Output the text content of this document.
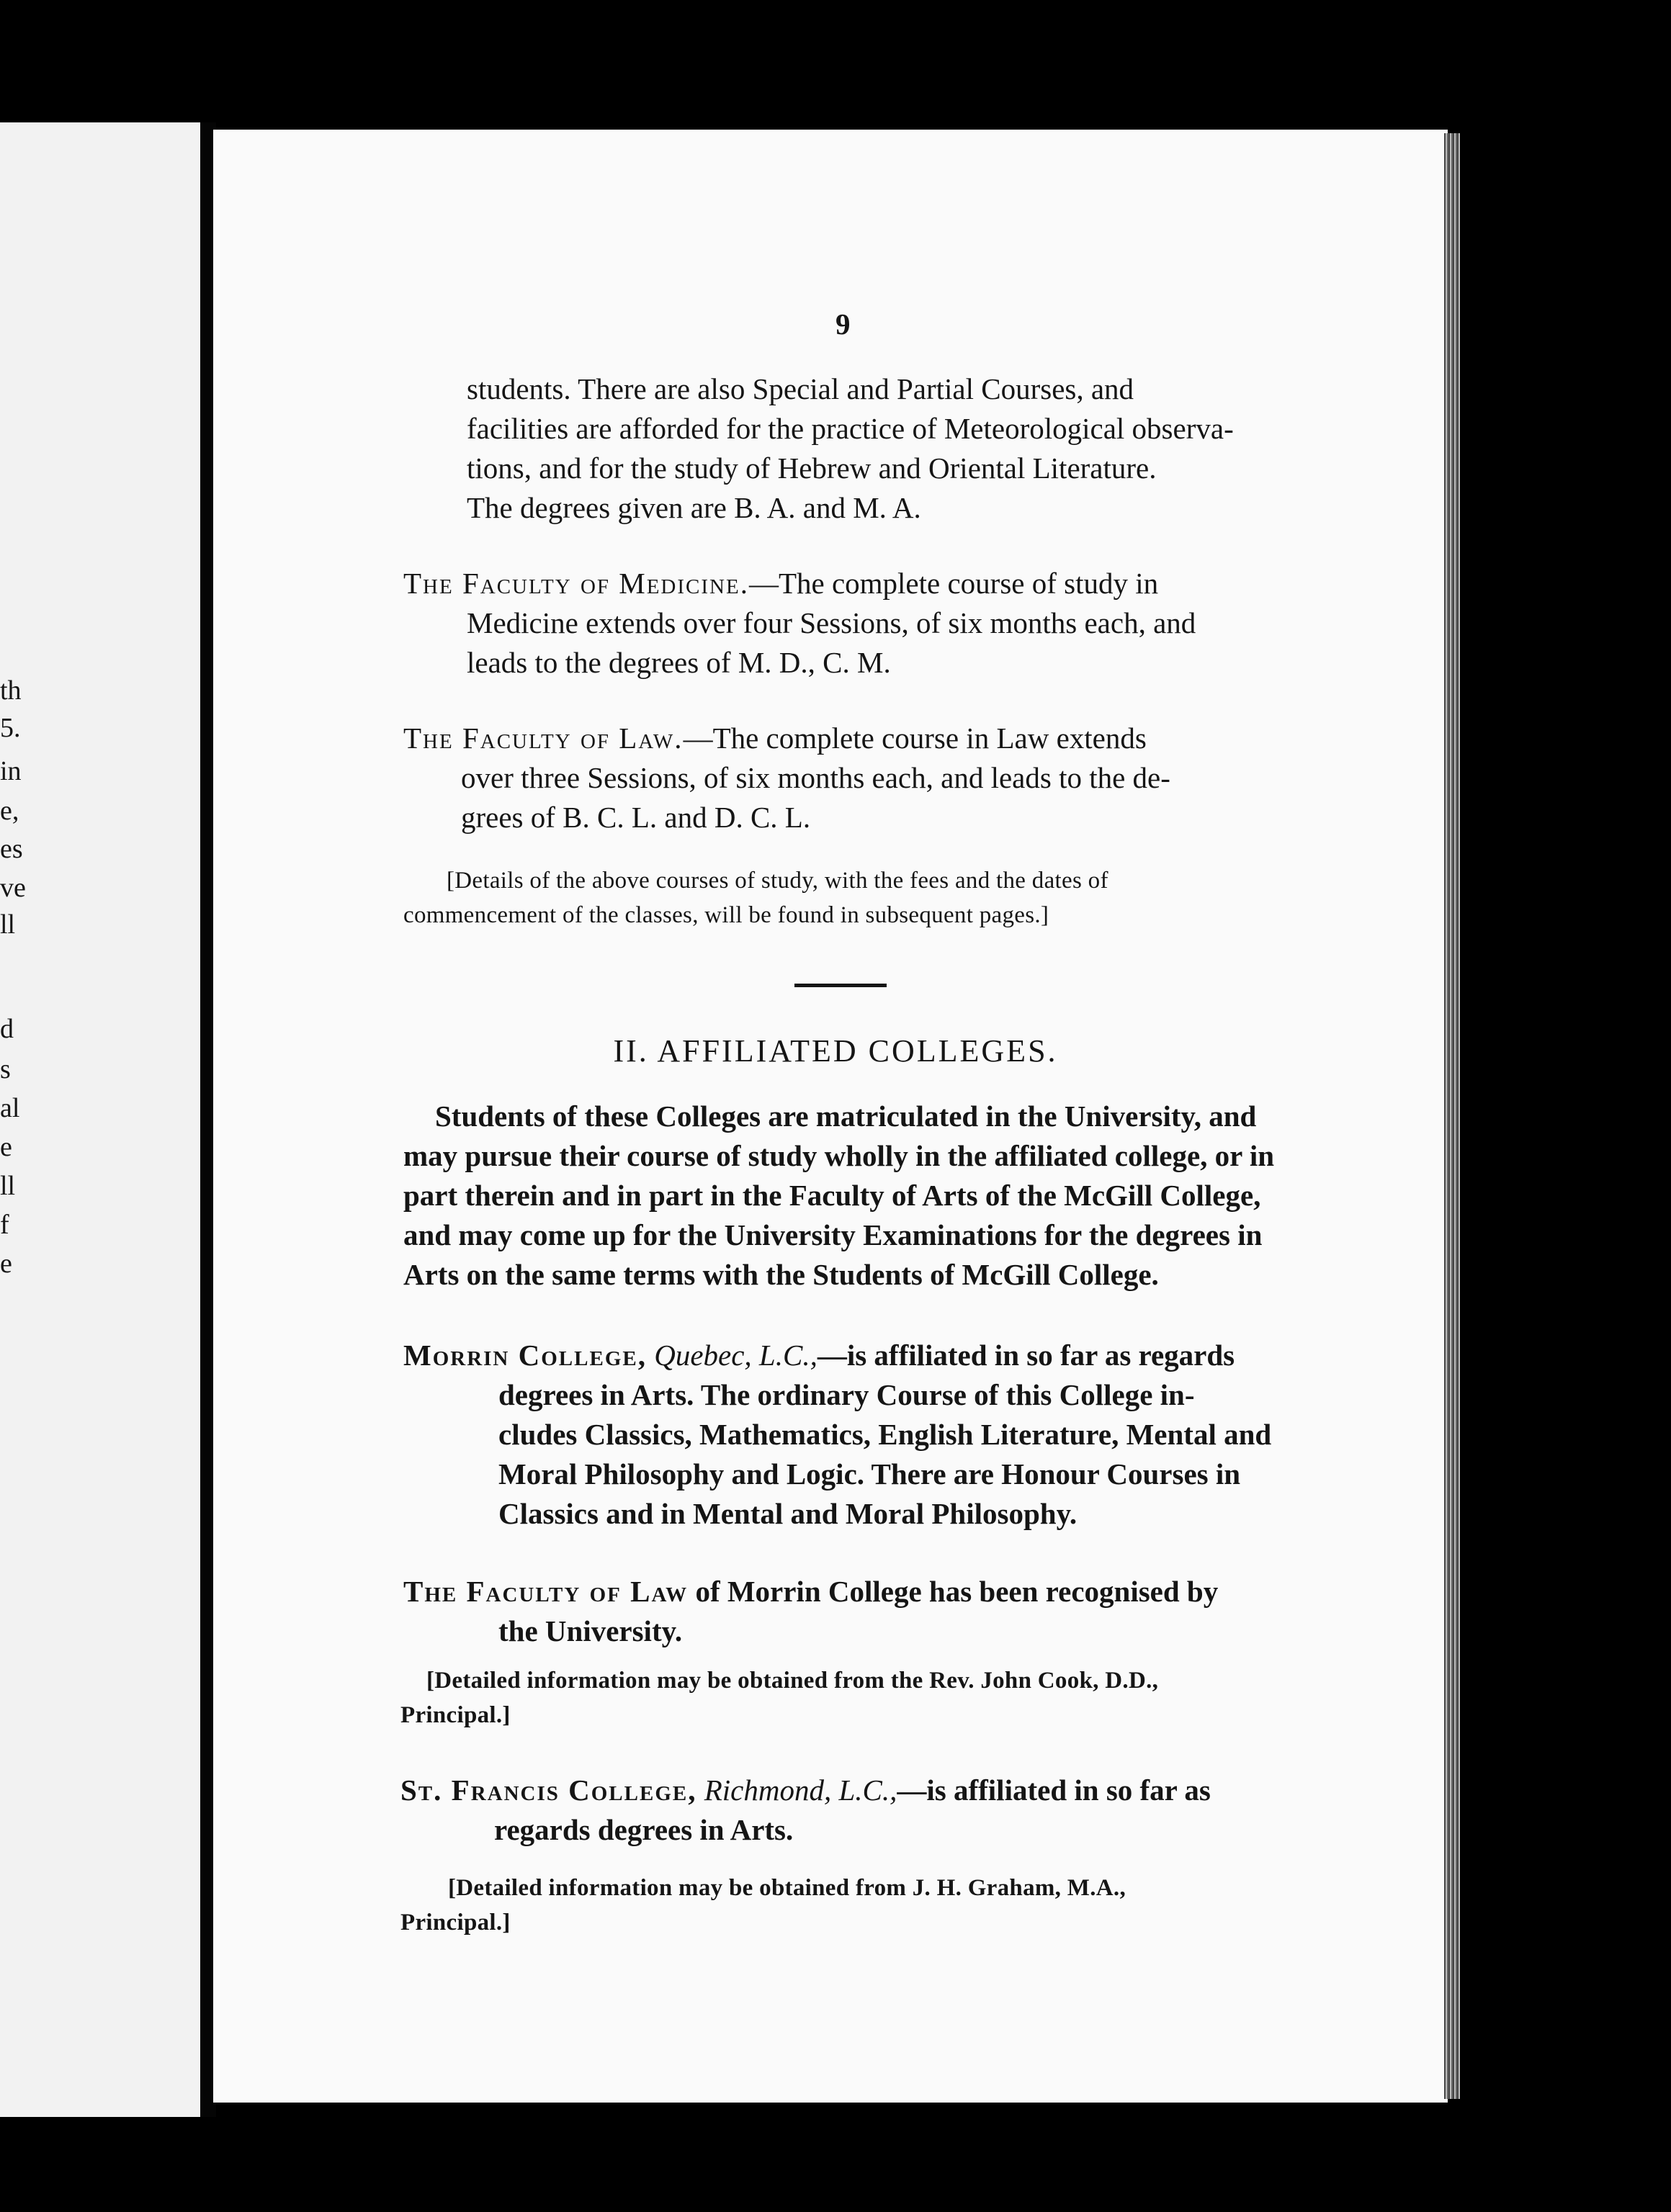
th
5.
in
e,
es
ve
ll
d
s
al
e
ll
f
e
9
students. There are also Special and Partial Courses, and
facilities are afforded for the practice of Meteorological observa-
tions, and for the study of Hebrew and Oriental Literature.
The degrees given are B. A. and M. A.
The Faculty of Medicine.—The complete course of study in
Medicine extends over four Sessions, of six months each, and
leads to the degrees of M. D., C. M.
The Faculty of Law.—The complete course in Law extends
over three Sessions, of six months each, and leads to the de-
grees of B. C. L. and D. C. L.
[Details of the above courses of study, with the fees and the dates of
commencement of the classes, will be found in subsequent pages.]
II. AFFILIATED COLLEGES.
Students of these Colleges are matriculated in the University, and
may pursue their course of study wholly in the affiliated college, or in
part therein and in part in the Faculty of Arts of the McGill College,
and may come up for the University Examinations for the degrees in
Arts on the same terms with the Students of McGill College.
Morrin College, Quebec, L.C.,—is affiliated in so far as regards
degrees in Arts. The ordinary Course of this College in-
cludes Classics, Mathematics, English Literature, Mental and
Moral Philosophy and Logic. There are Honour Courses in
Classics and in Mental and Moral Philosophy.
The Faculty of Law of Morrin College has been recognised by
the University.
[Detailed information may be obtained from the Rev. John Cook, D.D.,
Principal.]
St. Francis College, Richmond, L.C.,—is affiliated in so far as
regards degrees in Arts.
[Detailed information may be obtained from J. H. Graham, M.A.,
Principal.]
